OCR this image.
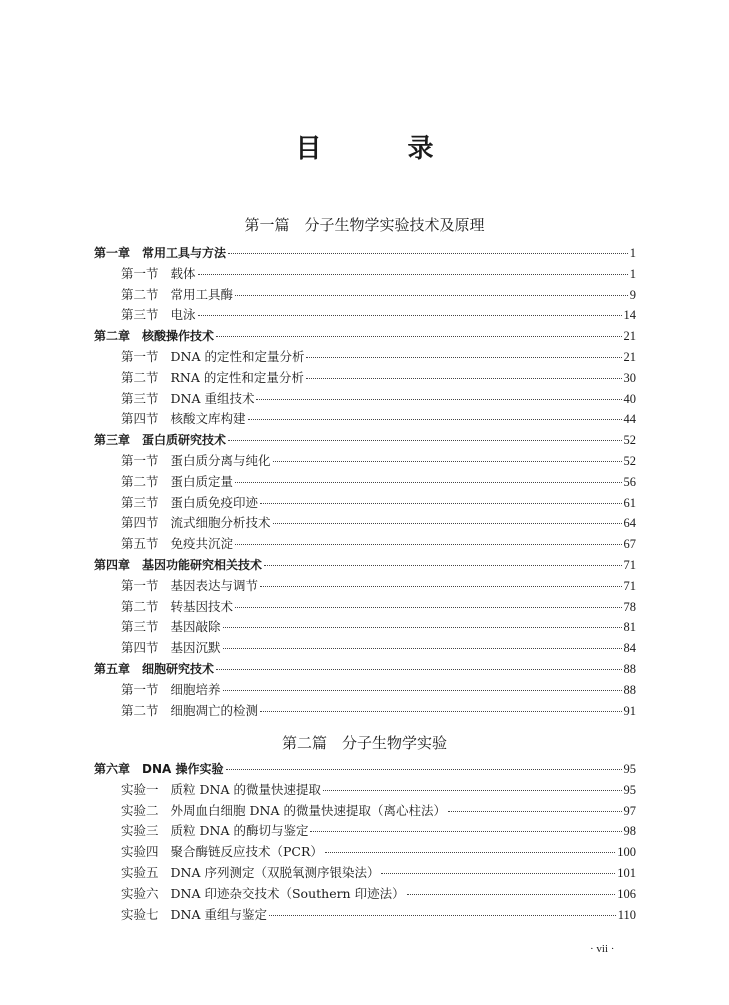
目　录
第一篇　分子生物学实验技术及原理
第一章 常用工具与方法	1
第一节 载体	1
第二节 常用工具酶	9
第三节 电泳	14
第二章 核酸操作技术	21
第一节 DNA 的定性和定量分析	21
第二节 RNA 的定性和定量分析	30
第三节 DNA 重组技术	40
第四节 核酸文库构建	44
第三章 蛋白质研究技术	52
第一节 蛋白质分离与纯化	52
第二节 蛋白质定量	56
第三节 蛋白质免疫印迹	61
第四节 流式细胞分析技术	64
第五节 免疫共沉淀	67
第四章 基因功能研究相关技术	71
第一节 基因表达与调节	71
第二节 转基因技术	78
第三节 基因敲除	81
第四节 基因沉默	84
第五章 细胞研究技术	88
第一节 细胞培养	88
第二节 细胞凋亡的检测	91
第二篇　分子生物学实验
第六章 DNA 操作实验	95
实验一 质粒 DNA 的微量快速提取	95
实验二 外周血白细胞 DNA 的微量快速提取（离心柱法）	97
实验三 质粒 DNA 的酶切与鉴定	98
实验四 聚合酶链反应技术（PCR）	100
实验五 DNA 序列测定（双脱氧测序银染法）	101
实验六 DNA 印迹杂交技术（Southern 印迹法）	106
实验七 DNA 重组与鉴定	110
· vii ·
